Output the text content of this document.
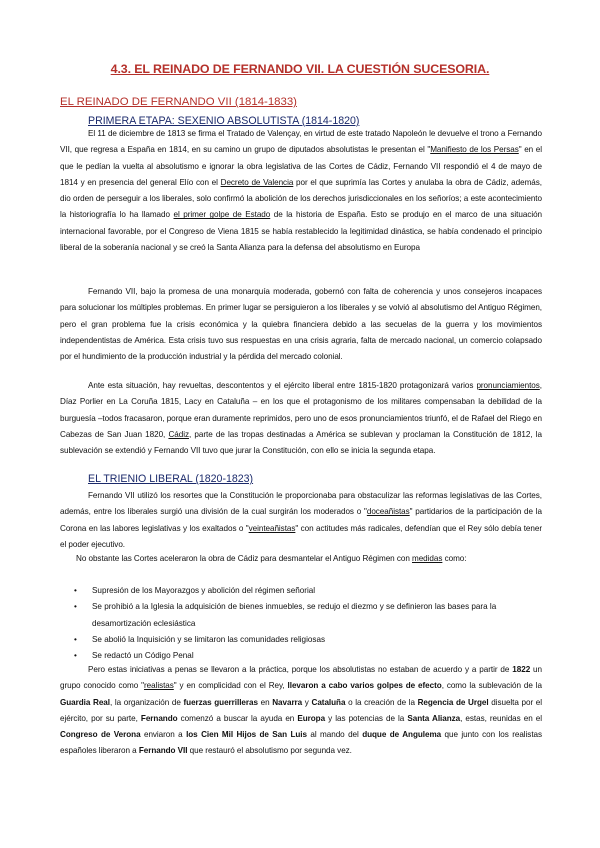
4.3. EL REINADO DE FERNANDO VII. LA CUESTIÓN SUCESORIA.
EL REINADO DE FERNANDO VII (1814-1833)
PRIMERA ETAPA: SEXENIO ABSOLUTISTA (1814-1820)

El 11 de diciembre de 1813 se firma el Tratado de Valençay, en virtud de este tratado Napoleón le devuelve el trono a Fernando VII, que regresa a España en 1814, en su camino un grupo de diputados absolutistas le presentan el "Manifiesto de los Persas" en el que le pedían la vuelta al absolutismo e ignorar la obra legislativa de las Cortes de Cádiz, Fernando VII respondió el 4 de mayo de 1814 y en presencia del general Elío con el Decreto de Valencia por el que suprimía las Cortes y anulaba la obra de Cádiz, además, dio orden de perseguir a los liberales, solo confirmó la abolición de los derechos jurisdiccionales en los señoríos; a este acontecimiento la historiografía lo ha llamado el primer golpe de Estado de la historia de España. Esto se produjo en el marco de una situación internacional favorable, por el Congreso de Viena 1815 se había restablecido la legitimidad dinástica, se había condenado el principio liberal de la soberanía nacional y se creó la Santa Alianza para la defensa del absolutismo en Europa

Fernando VII, bajo la promesa de una monarquía moderada, gobernó con falta de coherencia y unos consejeros incapaces para solucionar los múltiples problemas. En primer lugar se persiguieron a los liberales y se volvió al absolutismo del Antiguo Régimen, pero el gran problema fue la crisis económica y la quiebra financiera debido a las secuelas de la guerra y los movimientos independentistas de América. Esta crisis tuvo sus respuestas en una crisis agraria, falta de mercado nacional, un comercio colapsado por el hundimiento de la producción industrial y la pérdida del mercado colonial.

Ante esta situación, hay revueltas, descontentos y el ejército liberal entre 1815-1820 protagonizará varios pronunciamientos, Díaz Porlier en La Coruña 1815, Lacy en Cataluña – en los que el protagonismo de los militares compensaban la debilidad de la burguesía –todos fracasaron, porque eran duramente reprimidos, pero uno de esos pronunciamientos triunfó, el de Rafael del Riego en Cabezas de San Juan 1820, Cádiz, parte de las tropas destinadas a América se sublevan y proclaman la Constitución de 1812, la sublevación se extendió y Fernando VII tuvo que jurar la Constitución, con ello se inicia la segunda etapa.

EL TRIENIO LIBERAL (1820-1823)

Fernando VII utilizó los resortes que la Constitución le proporcionaba para obstaculizar las reformas legislativas de las Cortes, además, entre los liberales surgió una división de la cual surgirán los moderados o "doceañistas" partidarios de la participación de la Corona en las labores legislativas y los exaltados o "veinteañistas" con actitudes más radicales, defendían que el Rey sólo debía tener el poder ejecutivo.

No obstante las Cortes aceleraron la obra de Cádiz para desmantelar el Antiguo Régimen con medidas como:

• Supresión de los Mayorazgos y abolición del régimen señorial
• Se prohibió a la Iglesia la adquisición de bienes inmuebles, se redujo el diezmo y se definieron las bases para la desamortización eclesiástica
• Se abolió la Inquisición y se limitaron las comunidades religiosas
• Se redactó un Código Penal

Pero estas iniciativas a penas se llevaron a la práctica, porque los absolutistas no estaban de acuerdo y a partir de 1822 un grupo conocido como "realistas" y en complicidad con el Rey, llevaron a cabo varios golpes de efecto, como la sublevación de la Guardia Real, la organización de fuerzas guerrilleras en Navarra y Cataluña o la creación de la Regencia de Urgel disuelta por el ejército, por su parte, Fernando comenzó a buscar la ayuda en Europa y las potencias de la Santa Alianza, estas, reunidas en el Congreso de Verona enviaron a los Cien Mil Hijos de San Luis al mando del duque de Angulema que junto con los realistas españoles liberaron a Fernando VII que restauró el absolutismo por segunda vez.
